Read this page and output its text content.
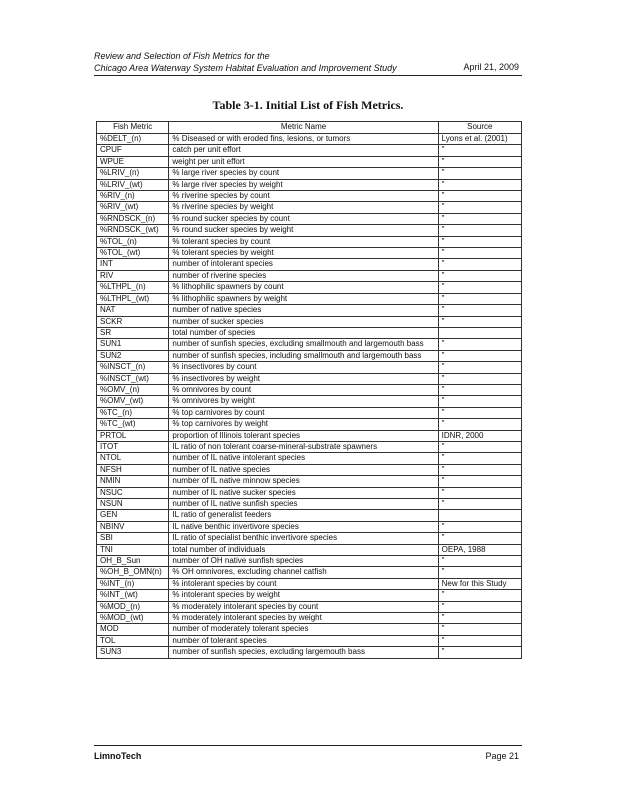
Review and Selection of Fish Metrics for the
Chicago Area Waterway System Habitat Evaluation and Improvement Study	April 21, 2009
Table 3-1. Initial List of Fish Metrics.
Fish Metric	Metric Name	Source
%DELT_(n)	% Diseased or with eroded fins, lesions, or tumors	Lyons et al. (2001)
CPUF	catch per unit effort	"
WPUE	weight per unit effort	"
%LRIV_(n)	% large river species by count	"
%LRIV_(wt)	% large river species by weight	"
%RIV_(n)	% riverine species by count	"
%RIV_(wt)	% riverine species by weight	"
%RNDSCK_(n)	% round sucker species by count	"
%RNDSCK_(wt)	% round sucker species by weight	"
%TOL_(n)	% tolerant species by count	"
%TOL_(wt)	% tolerant species by weight	"
INT	number of intolerant species	"
RIV	number of riverine species	"
%LTHPL_(n)	% lithophilic spawners by count	"
%LTHPL_(wt)	% lithophilic spawners by weight	"
NAT	number of native species	"
SCKR	number of sucker species	"
SR	total number of species	
SUN1	number of sunfish species, excluding smallmouth and largemouth bass	"
SUN2	number of sunfish species, including smallmouth and largemouth bass	"
%INSCT_(n)	% insectivores by count	"
%INSCT_(wt)	% insectivores by weight	"
%OMV_(n)	% omnivores by count	"
%OMV_(wt)	% omnivores by weight	"
%TC_(n)	% top carnivores by count	"
%TC_(wt)	% top carnivores by weight	"
PRTOL	proportion of Illinois tolerant species	IDNR, 2000
ITOT	IL ratio of non tolerant coarse-mineral-substrate spawners	"
NTOL	number of IL native intolerant species	"
NFSH	number of IL native species	"
NMIN	number of IL native minnow species	"
NSUC	number of IL native sucker species	"
NSUN	number of IL native sunfish species	"
GEN	IL ratio of generalist feeders	
NBINV	IL native benthic invertivore species	"
SBI	IL ratio of specialist benthic invertivore species	"
TNI	total number of individuals	OEPA, 1988
OH_B_Sun	number of OH native sunfish species	"
%OH_B_OMN(n)	% OH omnivores, excluding channel catfish	"
%INT_(n)	% intolerant species by count	New for this Study
%INT_(wt)	% intolerant species by weight	"
%MOD_(n)	% moderately intolerant species by count	"
%MOD_(wt)	% moderately intolerant species by weight	"
MOD	number of moderately tolerant species	"
TOL	number of tolerant species	"
SUN3	number of sunfish species, excluding largemouth bass	"
LimnoTech	Page 21
